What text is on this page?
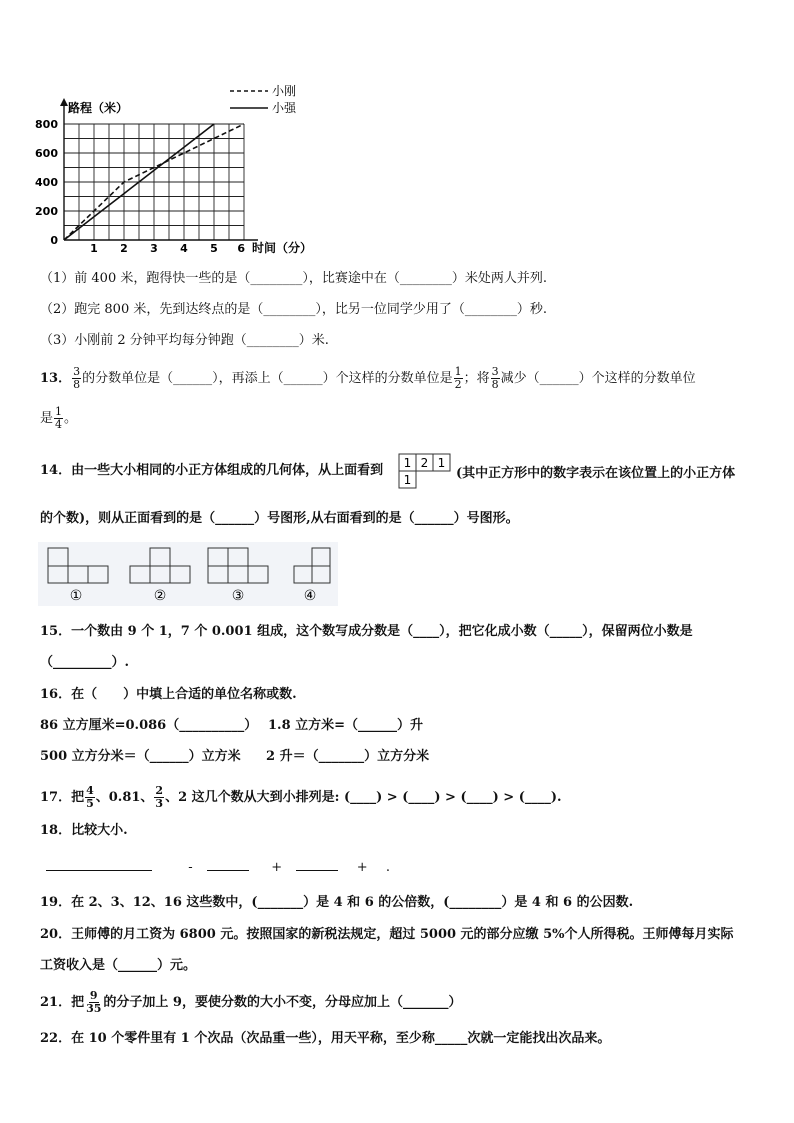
路程（米）
时间（分）
0
200
400
600
800
1 2 3 4 5 6
小刚
小强
（1）前 400 米，跑得快一些的是（________），比赛途中在（________）米处两人并列.
（2）跑完 800 米，先到达终点的是（________），比另一位同学少用了（________）秒.
（3）小刚前 2 分钟平均每分钟跑（________）米.
13． $\frac{3}{8}$ 的分数单位是（______），再添上（______）个这样的分数单位是 $\frac{1}{2}$ ；将 $\frac{3}{8}$ 减少（______）个这样的分数单位
是 $\frac{1}{4}$ 。
14．由一些大小相同的小正方体组成的几何体，从上面看到 1 2 1
1	(其中正方形中的数字表示在该位置上的小正方体
的个数)，则从正面看到的是（______）号图形,从右面看到的是（______）号图形。
①	②	③	④
15．一个数由 9 个 1，7 个 0.001 组成，这个数写成分数是（____），把它化成小数（_____），保留两位小数是
（_________）.
16．在（　　）中填上合适的单位名称或数.
86 立方厘米=0.086（__________） 1.8 立方米=（______）升
500 立方分米＝（______）立方米 2 升＝（_______）立方分米
17．把 $\frac{4}{5}$ 、0.81、 $\frac{2}{3}$ 、2 这几个数从大到小排列是: (____) > (____) > (____) > (____).
18．比较大小.
-	+	+ .
19．在 2、3、12、16 这些数中，(_______）是 4 和 6 的公倍数，(________）是 4 和 6 的公因数.
20．王师傅的月工资为 6800 元。按照国家的新税法规定，超过 5000 元的部分应缴 5%个人所得税。王师傅每月实际
工资收入是（______）元。
21．把 $\frac{9}{35}$ 的分子加上 9，要使分数的大小不变，分母应加上（_______）
22．在 10 个零件里有 1 个次品（次品重一些），用天平称，至少称_____次就一定能找出次品来。
